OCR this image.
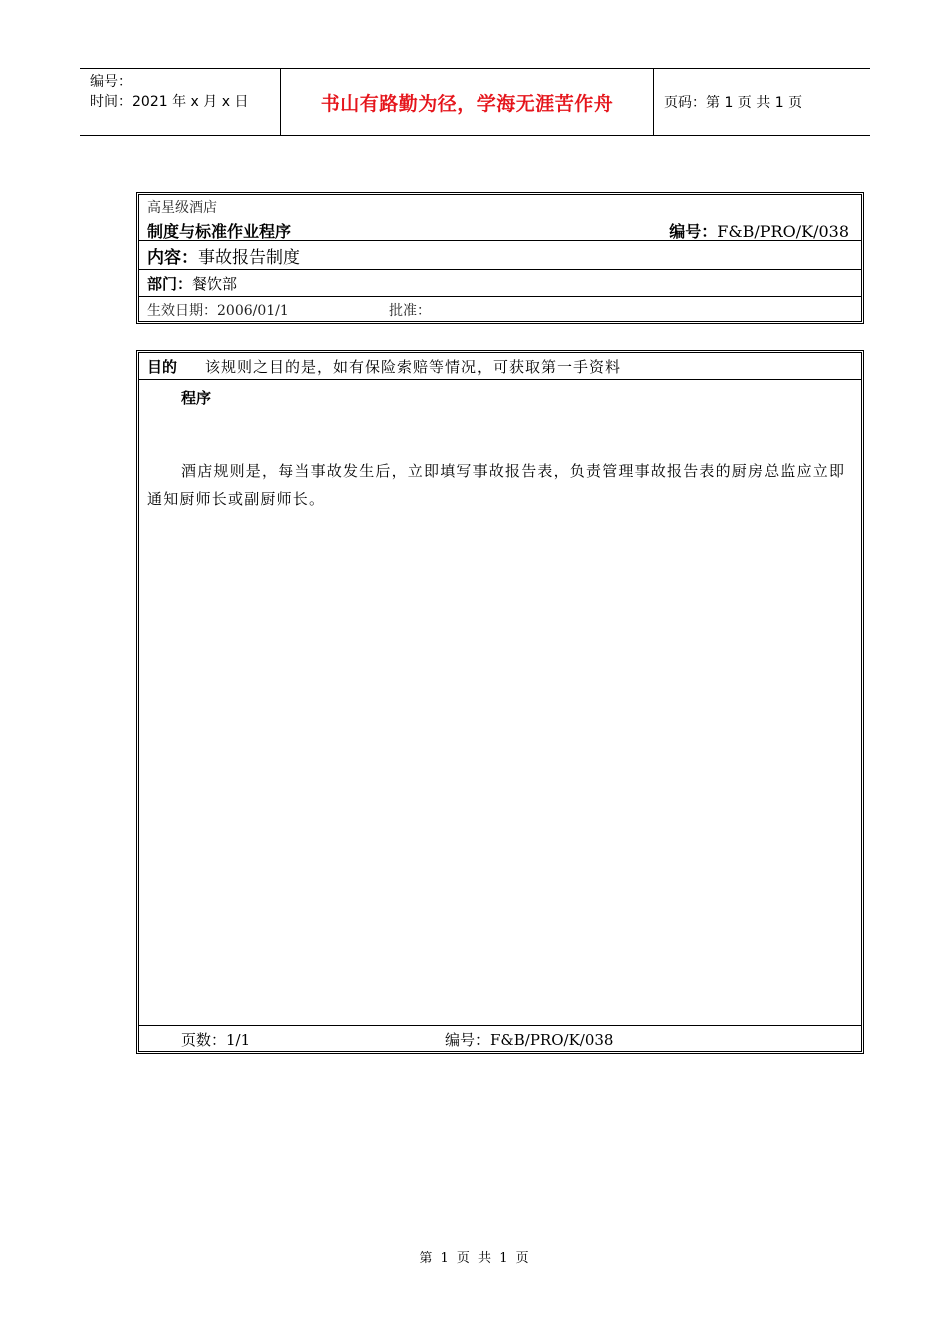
编号：
时间：2021 年 x 月 x 日	书山有路勤为径，学海无涯苦作舟	页码：第 1 页 共 1 页
高星级酒店
制度与标准作业程序	编号：F&B/PRO/K/038
内容： 事故报告制度
部门： 餐饮部
生效日期：2006/01/1	批准：
目的	该规则之目的是，如有保险索赔等情况，可获取第一手资料
程序
酒店规则是，每当事故发生后，立即填写事故报告表，负责管理事故报告表的厨房总监应立即通知厨师长或副厨师长。
页数：1/1	编号：F&B/PRO/K/038
第 1 页 共 1 页
